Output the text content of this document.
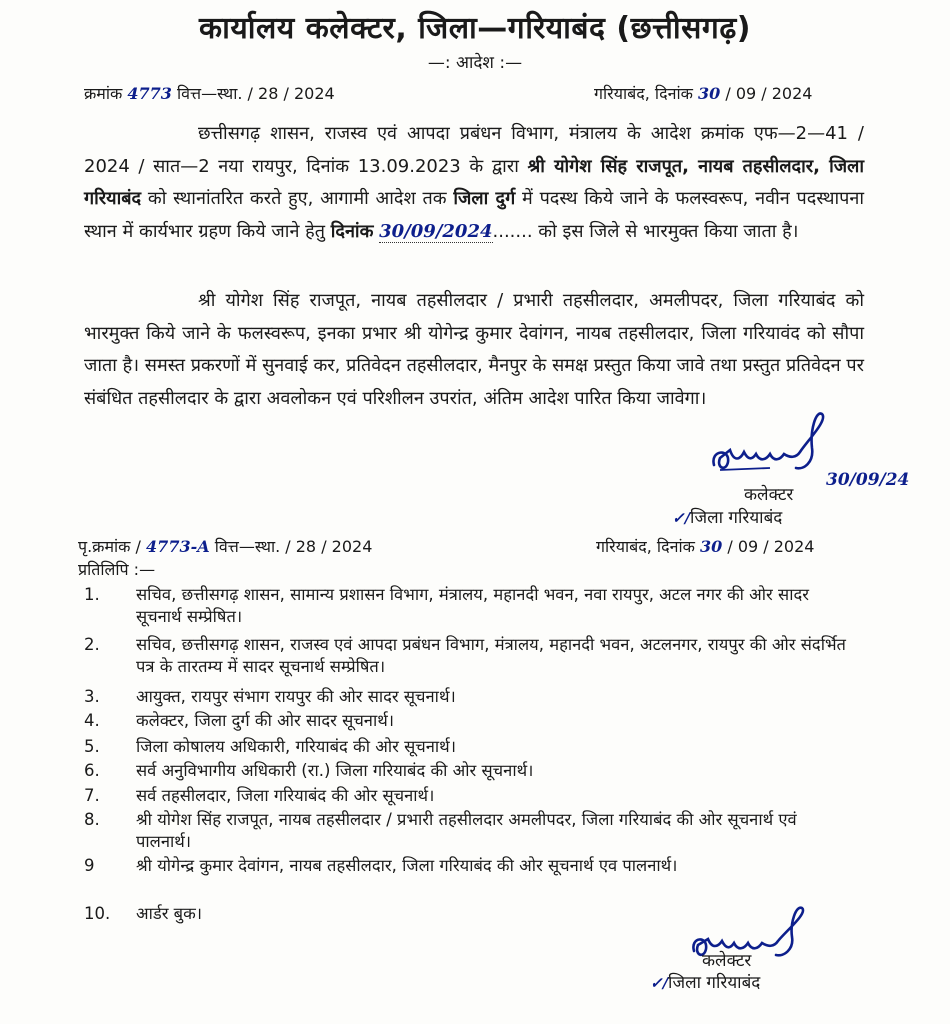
कार्यालय कलेक्टर, जिला—गरियाबंद (छत्तीसगढ़)
—: आदेश :—
क्रमांक 4773 वित्त—स्था. / 28 / 2024	गरियाबंद, दिनांक 30 / 09 / 2024
छत्तीसगढ़ शासन, राजस्व एवं आपदा प्रबंधन विभाग, मंत्रालय के आदेश क्रमांक एफ—2—41 / 2024 / सात—2 नया रायपुर, दिनांक 13.09.2023 के द्वारा श्री योगेश सिंह राजपूत, नायब तहसीलदार, जिला गरियाबंद को स्थानांतरित करते हुए, आगामी आदेश तक जिला दुर्ग में पदस्थ किये जाने के फलस्वरूप, नवीन पदस्थापना स्थान में कार्यभार ग्रहण किये जाने हेतु दिनांक 30/09/2024....... को इस जिले से भारमुक्त किया जाता है।
श्री योगेश सिंह राजपूत, नायब तहसीलदार / प्रभारी तहसीलदार, अमलीपदर, जिला गरियाबंद को भारमुक्त किये जाने के फलस्वरूप, इनका प्रभार श्री योगेन्द्र कुमार देवांगन, नायब तहसीलदार, जिला गरियावंद को सौपा जाता है। समस्त प्रकरणों में सुनवाई कर, प्रतिवेदन तहसीलदार, मैनपुर के समक्ष प्रस्तुत किया जावे तथा प्रस्तुत प्रतिवेदन पर संबंधित तहसीलदार के द्वारा अवलोकन एवं परिशीलन उपरांत, अंतिम आदेश पारित किया जावेगा।
30/09/24
कलेक्टर
✓/जिला गरियाबंद
पृ.क्रमांक / 4773-A वित्त—स्था. / 28 / 2024	गरियाबंद, दिनांक 30 / 09 / 2024
प्रतिलिपि :—
1.	सचिव, छत्तीसगढ़ शासन, सामान्य प्रशासन विभाग, मंत्रालय, महानदी भवन, नवा रायपुर, अटल नगर की ओर सादर सूचनार्थ सम्प्रेषित।
2.	सचिव, छत्तीसगढ़ शासन, राजस्व एवं आपदा प्रबंधन विभाग, मंत्रालय, महानदी भवन, अटलनगर, रायपुर की ओर संदर्भित पत्र के तारतम्य में सादर सूचनार्थ सम्प्रेषित।
3.	आयुक्त, रायपुर संभाग रायपुर की ओर सादर सूचनार्थ।
4.	कलेक्टर, जिला दुर्ग की ओर सादर सूचनार्थ।
5.	जिला कोषालय अधिकारी, गरियाबंद की ओर सूचनार्थ।
6.	सर्व अनुविभागीय अधिकारी (रा.) जिला गरियाबंद की ओर सूचनार्थ।
7.	सर्व तहसीलदार, जिला गरियाबंद की ओर सूचनार्थ।
8.	श्री योगेश सिंह राजपूत, नायब तहसीलदार / प्रभारी तहसीलदार अमलीपदर, जिला गरियाबंद की ओर सूचनार्थ एवं पालनार्थ।
9	श्री योगेन्द्र कुमार देवांगन, नायब तहसीलदार, जिला गरियाबंद की ओर सूचनार्थ एव पालनार्थ।
10.	आर्डर बुक।
कलेक्टर
✓/जिला गरियाबंद
